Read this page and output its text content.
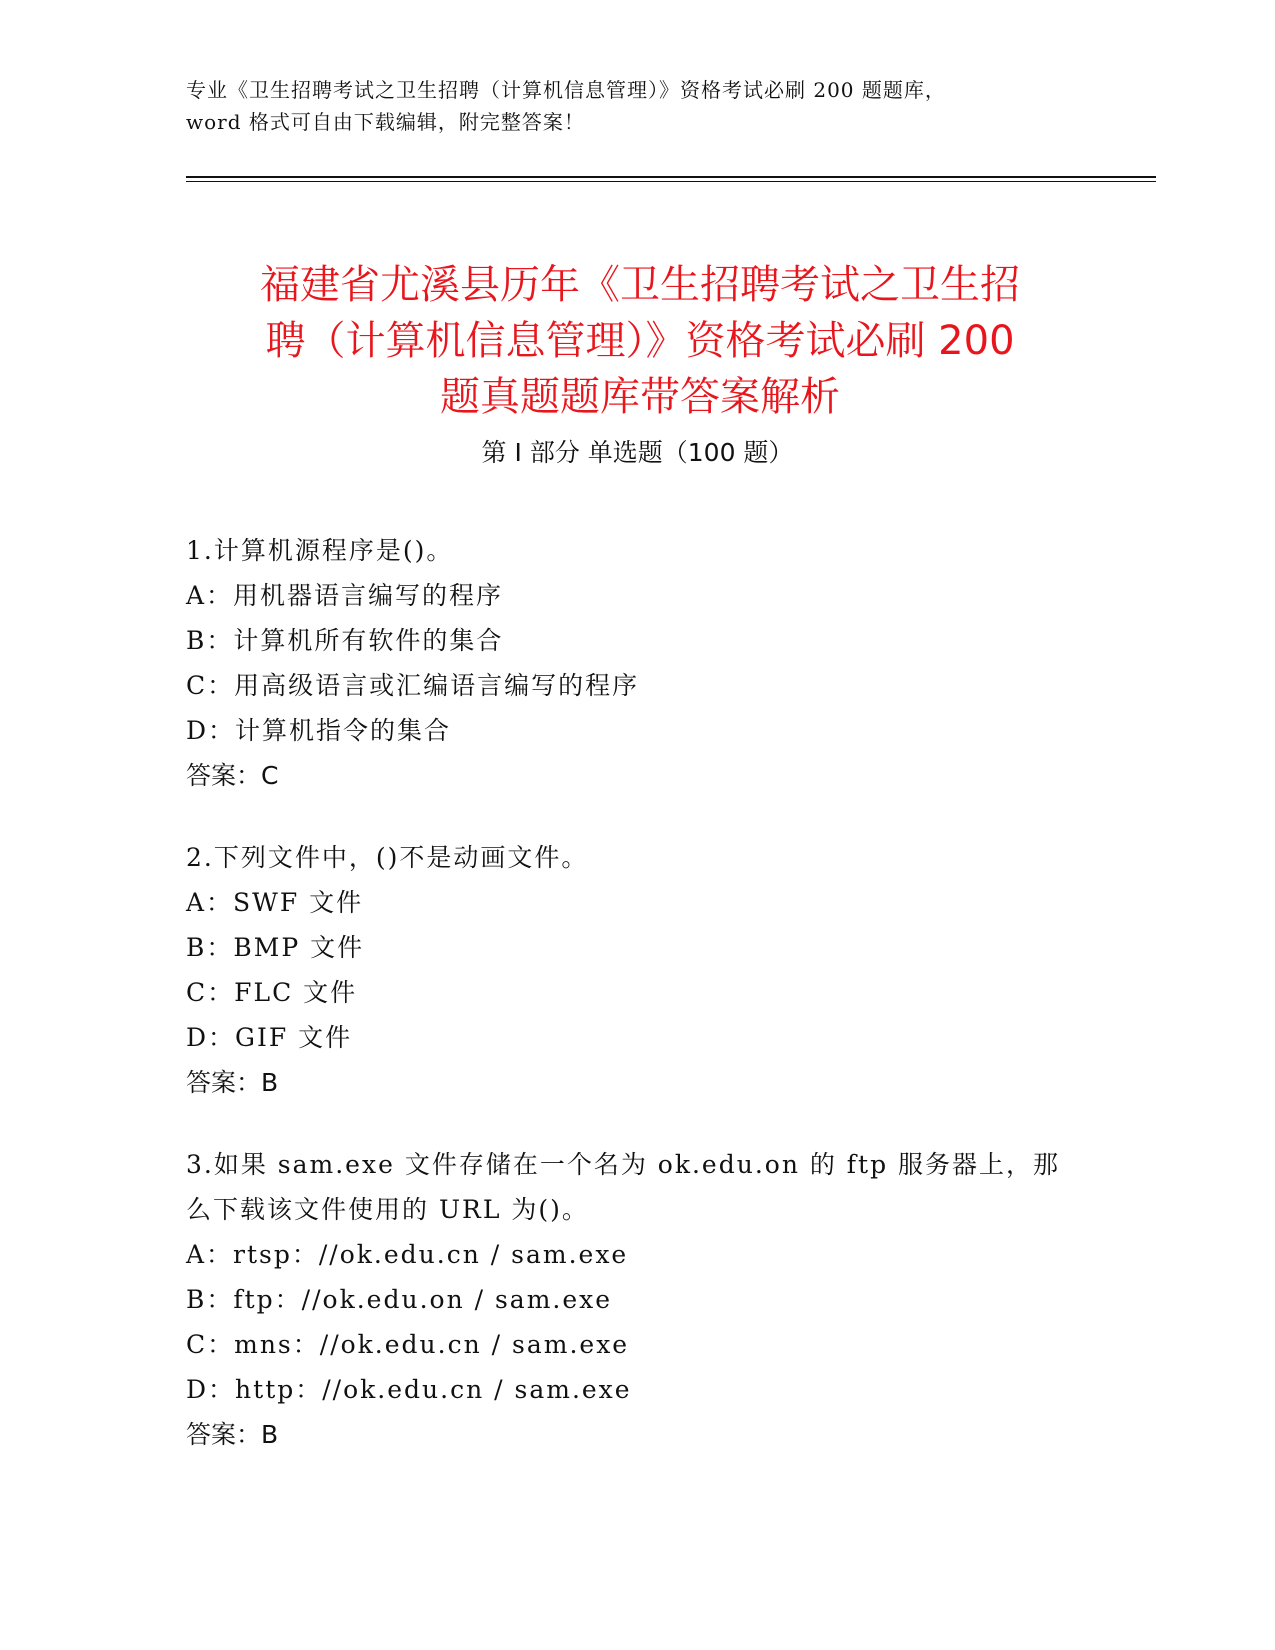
专业《卫生招聘考试之卫生招聘（计算机信息管理）》资格考试必刷 200 题题库，
word 格式可自由下载编辑，附完整答案！
福建省尤溪县历年《卫生招聘考试之卫生招
聘（计算机信息管理）》资格考试必刷 200
题真题题库带答案解析
第 I 部分 单选题（100 题）
1.计算机源程序是()。
A：用机器语言编写的程序
B：计算机所有软件的集合
C：用高级语言或汇编语言编写的程序
D：计算机指令的集合
答案：C
2.下列文件中，()不是动画文件。
A：SWF 文件
B：BMP 文件
C：FLC 文件
D：GIF 文件
答案：B
3.如果 sam.exe 文件存储在一个名为 ok.edu.on 的 ftp 服务器上，那
么下载该文件使用的 URL 为()。
A：rtsp：//ok.edu.cn / sam.exe
B：ftp：//ok.edu.on / sam.exe
C：mns：//ok.edu.cn / sam.exe
D：http：//ok.edu.cn / sam.exe
答案：B
